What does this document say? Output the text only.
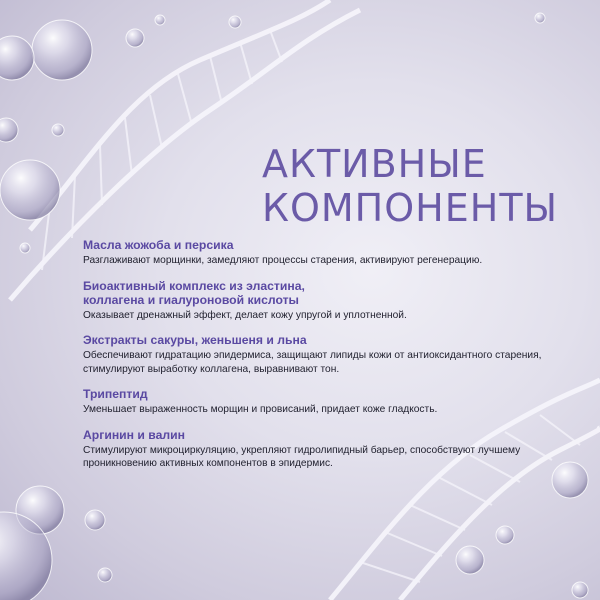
АКТИВНЫЕ
КОМПОНЕНТЫ

Масла жожоба и персика

Разглаживают морщинки, замедляют процессы старения, активируют регенерацию.

Биоактивный комплекс из эластина,
коллагена и гиалуроновой кислоты

Оказывает дренажный эффект, делает кожу упругой и уплотненной.

Экстракты сакуры, женьшеня и льна

Обеспечивают гидратацию эпидермиса, защищают липиды кожи от антиоксидантного старения, стимулируют выработку коллагена, выравнивают тон.

Трипептид

Уменьшает выраженность морщин и провисаний, придает коже гладкость.

Аргинин и валин

Стимулируют микроциркуляцию, укрепляют гидролипидный барьер, способствуют лучшему проникновению активных компонентов в эпидермис.
